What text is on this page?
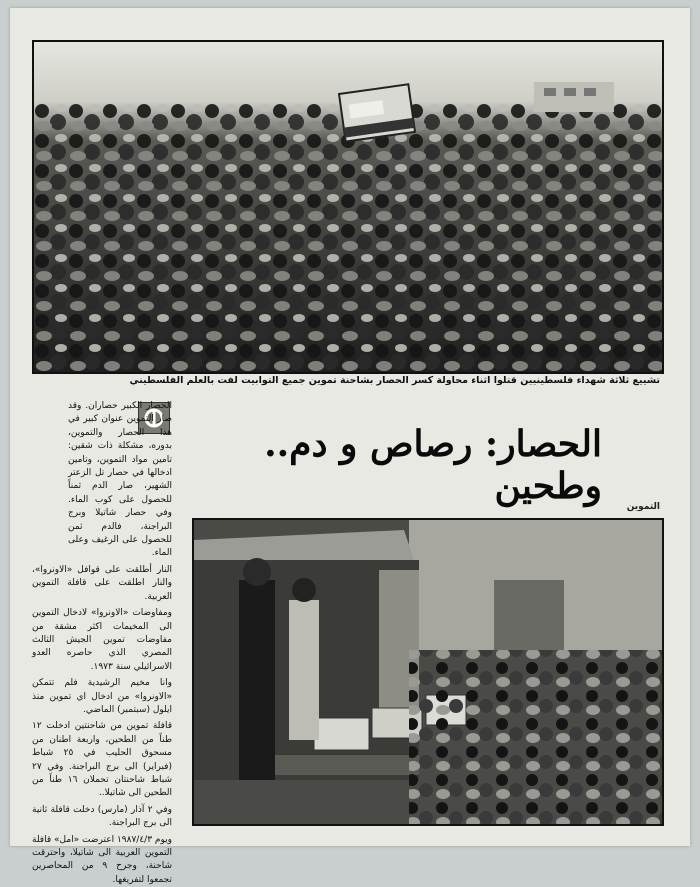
تشييع ثلاثة شهداء فلسطينيين قتلوا اثناء محاولة كسر الحصار بشاحنة تموين جميع التوابيت لفت بالعلم الفلسطيني
الحصار: رصاص و دم.. وطحين	التموين

الحصار الكبير حصاران. وقد صار التموين عنوان كبير في هذا الحصار والتموين، بدوره، مشكلة ذات شقين: تامين مواد التموين، وتامين ادخالها في حصار تل الزعتر الشهير، صار الدم ثمناً للحصول على كوب الماء. وفي حصار شاتيلا وبرج البراجنة، فالدم ثمن للحصول على الرغيف وعلى الماء.

النار أطلقت على قوافل «الاونروا»، والنار اطلقت على قافلة التموين العربية.

ومفاوضات «الاونروا» لادخال التموين الى المخيمات اكثر مشقة من مفاوضات تموين الجيش الثالث المصري الذي حاصره العدو الاسرائيلي سنة ١٩٧٣.

وانا مخيم الرشيدية فلم تتمكن «الاونروا» من ادخال اي تموين منذ ايلول (سبتمبر) الماضي.

قافلة تموين من شاحنتين ادخلت ١٢ طناً من الطحين، واربعة اطنان من مسحوق الحليب في ٢٥ شباط (فبراير) الى برج البراجنة. وفي ٢٧ شباط شاحنتان تحملان ١٦ طناً من الطحين الى شاتيلا..

وفي ٢ آذار (مارس) دخلت قافلة ثانية الى برج البراجنة.

ويوم ١٩٨٧/٤/٣ اعترضت «امل» قافلة التموين العربية الى شاتيلا، واحترقت شاحنة، وجرح ٩ من المحاصرين تجمعوا لتفريغها.
